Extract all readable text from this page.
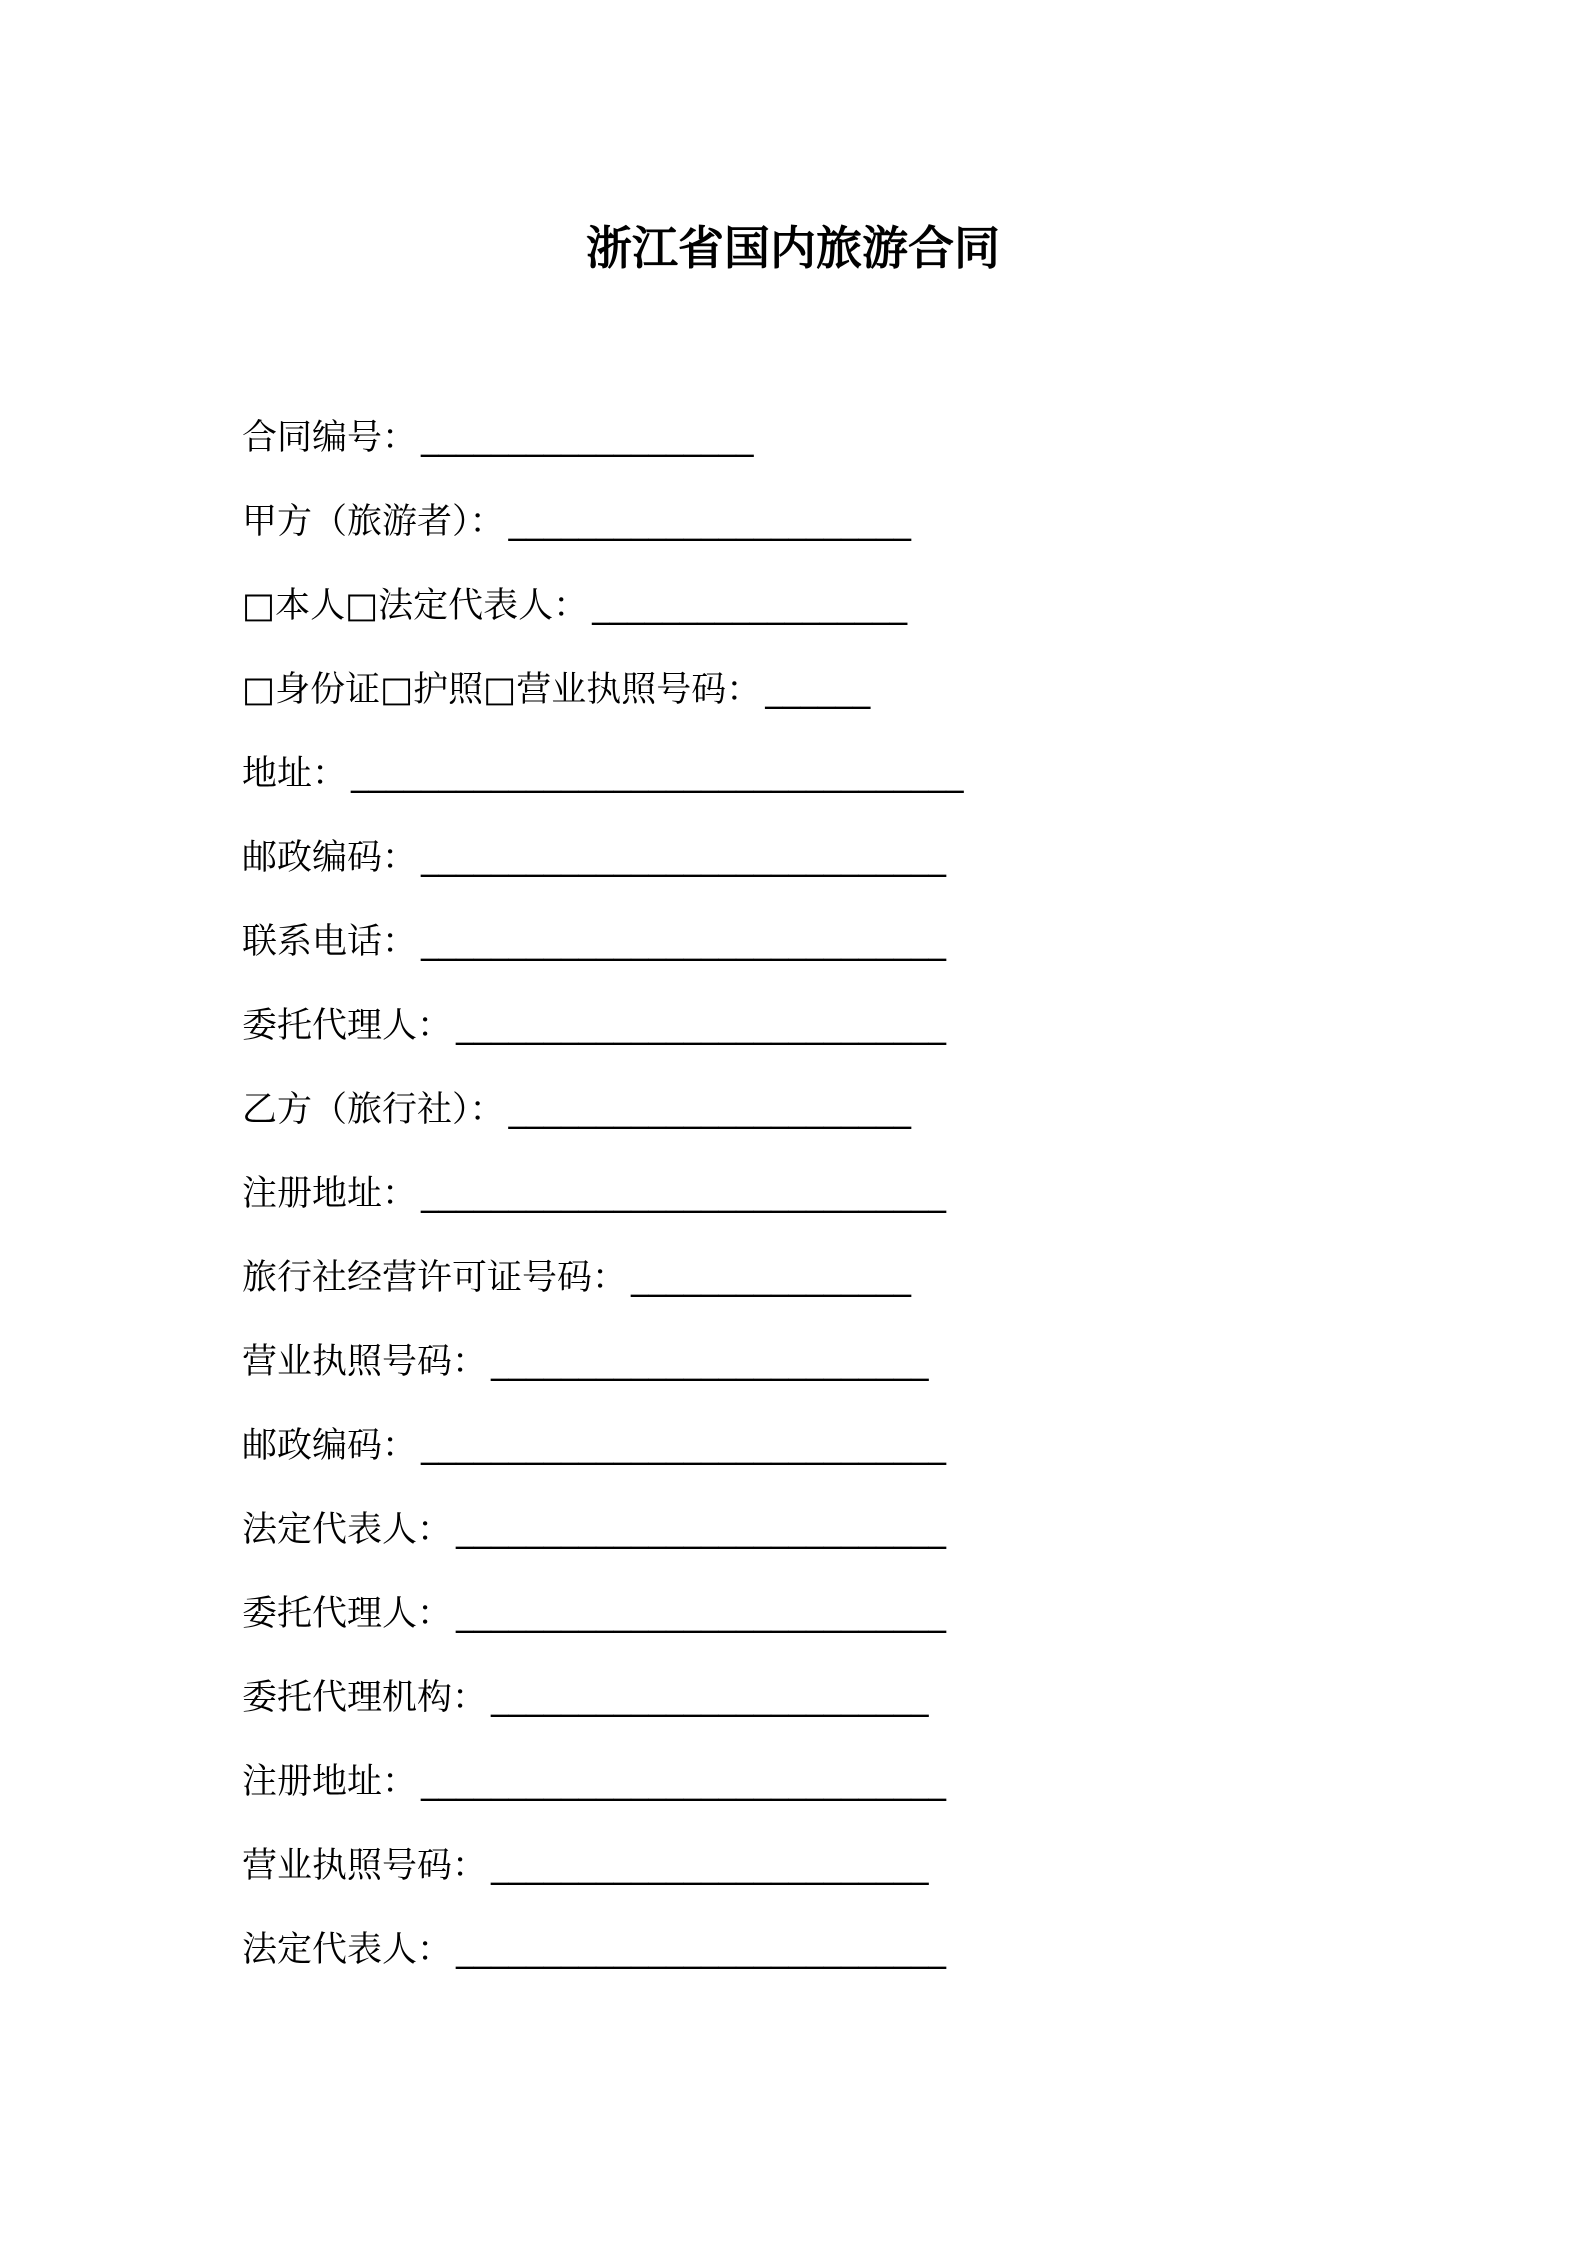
浙江省国内旅游合同
合同编号： ___________________
甲方（旅游者）： _______________________
□本人□法定代表人： __________________
□身份证□护照□营业执照号码： ______
地址： ___________________________________
邮政编码： ______________________________
联系电话： ______________________________
委托代理人： ____________________________
乙方（旅行社）： _______________________
注册地址： ______________________________
旅行社经营许可证号码： ________________
营业执照号码： _________________________
邮政编码： ______________________________
法定代表人： ____________________________
委托代理人： ____________________________
委托代理机构： _________________________
注册地址： ______________________________
营业执照号码： _________________________
法定代表人： ____________________________
